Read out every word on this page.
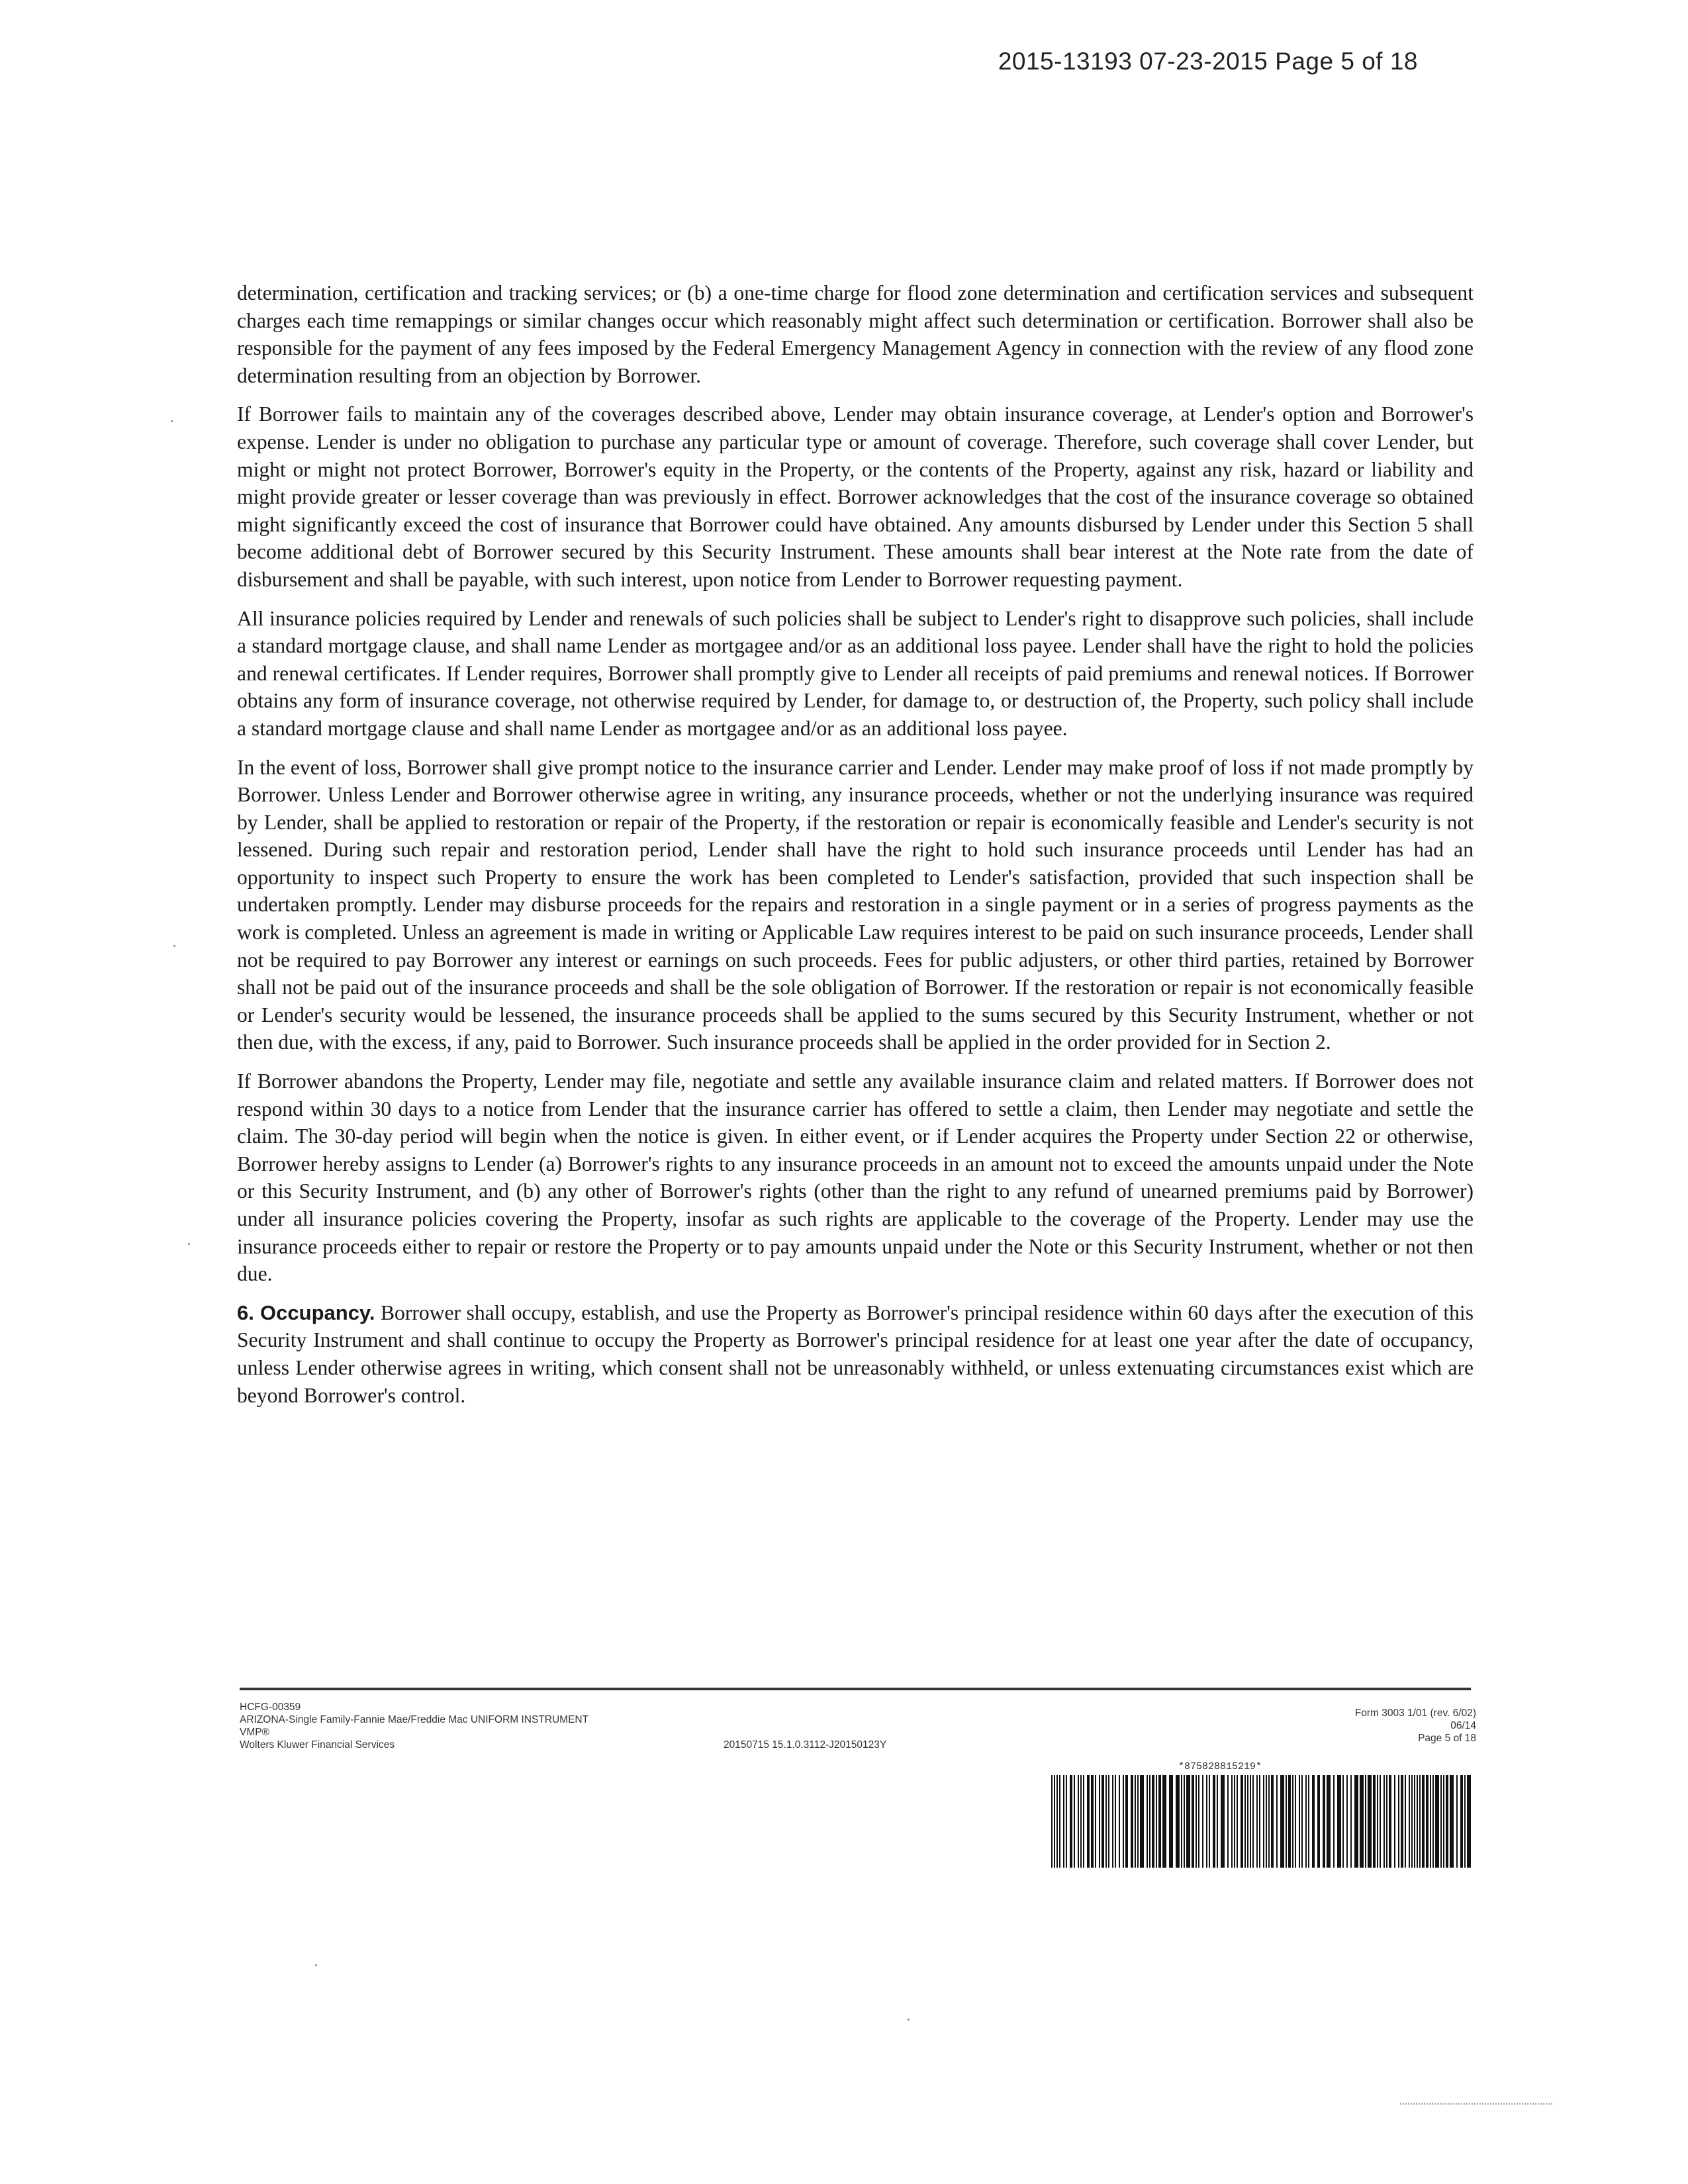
2015-13193 07-23-2015 Page 5 of 18

determination, certification and tracking services; or (b) a one-time charge for flood zone determination and certification services and subsequent charges each time remappings or similar changes occur which reasonably might affect such determination or certification. Borrower shall also be responsible for the payment of any fees imposed by the Federal Emergency Management Agency in connection with the review of any flood zone determination resulting from an objection by Borrower.

If Borrower fails to maintain any of the coverages described above, Lender may obtain insurance coverage, at Lender's option and Borrower's expense. Lender is under no obligation to purchase any particular type or amount of coverage. Therefore, such coverage shall cover Lender, but might or might not protect Borrower, Borrower's equity in the Property, or the contents of the Property, against any risk, hazard or liability and might provide greater or lesser coverage than was previously in effect. Borrower acknowledges that the cost of the insurance coverage so obtained might significantly exceed the cost of insurance that Borrower could have obtained. Any amounts disbursed by Lender under this Section 5 shall become additional debt of Borrower secured by this Security Instrument. These amounts shall bear interest at the Note rate from the date of disbursement and shall be payable, with such interest, upon notice from Lender to Borrower requesting payment.

All insurance policies required by Lender and renewals of such policies shall be subject to Lender's right to disapprove such policies, shall include a standard mortgage clause, and shall name Lender as mortgagee and/or as an additional loss payee. Lender shall have the right to hold the policies and renewal certificates. If Lender requires, Borrower shall promptly give to Lender all receipts of paid premiums and renewal notices. If Borrower obtains any form of insurance coverage, not otherwise required by Lender, for damage to, or destruction of, the Property, such policy shall include a standard mortgage clause and shall name Lender as mortgagee and/or as an additional loss payee.

In the event of loss, Borrower shall give prompt notice to the insurance carrier and Lender. Lender may make proof of loss if not made promptly by Borrower. Unless Lender and Borrower otherwise agree in writing, any insurance proceeds, whether or not the underlying insurance was required by Lender, shall be applied to restoration or repair of the Property, if the restoration or repair is economically feasible and Lender's security is not lessened. During such repair and restoration period, Lender shall have the right to hold such insurance proceeds until Lender has had an opportunity to inspect such Property to ensure the work has been completed to Lender's satisfaction, provided that such inspection shall be undertaken promptly. Lender may disburse proceeds for the repairs and restoration in a single payment or in a series of progress payments as the work is completed. Unless an agreement is made in writing or Applicable Law requires interest to be paid on such insurance proceeds, Lender shall not be required to pay Borrower any interest or earnings on such proceeds. Fees for public adjusters, or other third parties, retained by Borrower shall not be paid out of the insurance proceeds and shall be the sole obligation of Borrower. If the restoration or repair is not economically feasible or Lender's security would be lessened, the insurance proceeds shall be applied to the sums secured by this Security Instrument, whether or not then due, with the excess, if any, paid to Borrower. Such insurance proceeds shall be applied in the order provided for in Section 2.

If Borrower abandons the Property, Lender may file, negotiate and settle any available insurance claim and related matters. If Borrower does not respond within 30 days to a notice from Lender that the insurance carrier has offered to settle a claim, then Lender may negotiate and settle the claim. The 30-day period will begin when the notice is given. In either event, or if Lender acquires the Property under Section 22 or otherwise, Borrower hereby assigns to Lender (a) Borrower's rights to any insurance proceeds in an amount not to exceed the amounts unpaid under the Note or this Security Instrument, and (b) any other of Borrower's rights (other than the right to any refund of unearned premiums paid by Borrower) under all insurance policies covering the Property, insofar as such rights are applicable to the coverage of the Property. Lender may use the insurance proceeds either to repair or restore the Property or to pay amounts unpaid under the Note or this Security Instrument, whether or not then due.

6. Occupancy. Borrower shall occupy, establish, and use the Property as Borrower's principal residence within 60 days after the execution of this Security Instrument and shall continue to occupy the Property as Borrower's principal residence for at least one year after the date of occupancy, unless Lender otherwise agrees in writing, which consent shall not be unreasonably withheld, or unless extenuating circumstances exist which are beyond Borrower's control.

HCFG-00359
ARIZONA-Single Family-Fannie Mae/Freddie Mac UNIFORM INSTRUMENT
VMP®
Wolters Kluwer Financial Services	20150715 15.1.0.3112-J20150123Y
Form 3003 1/01 (rev. 6/02)
06/14
Page 5 of 18
*875828815219*
